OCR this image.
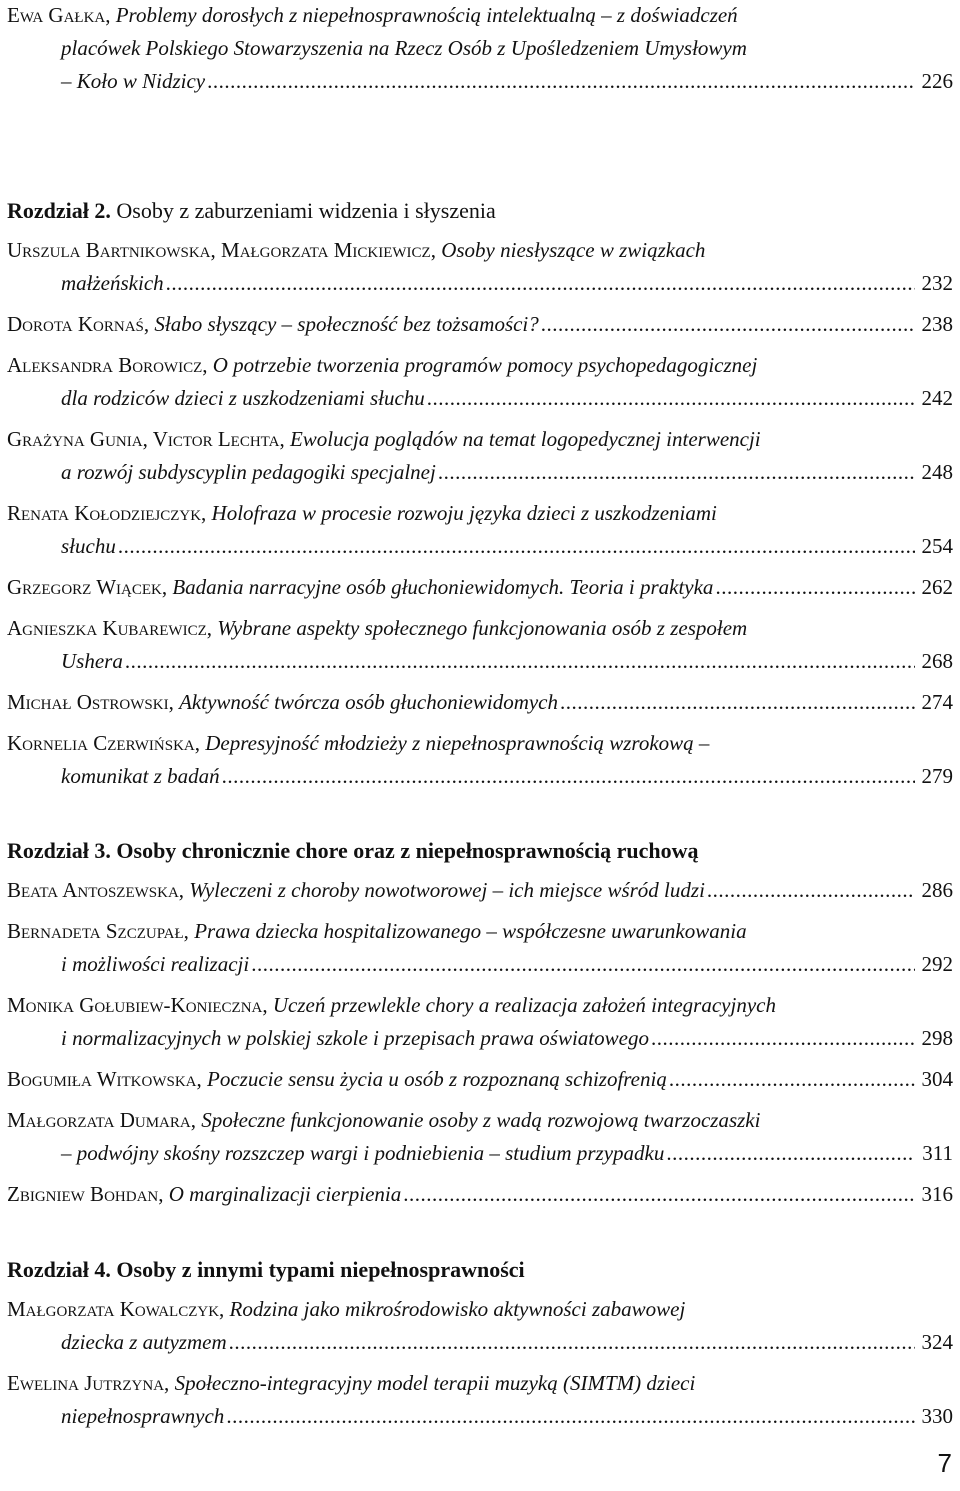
Ewa Gałka,
Problemy dorosłych z niepełnosprawnością intelektualną – z doświadczeń
placówek Polskiego Stowarzyszenia na Rzecz Osób z Upośledzeniem Umysłowym
– Koło w Nidzicy .....	226
Rozdział 2. Osoby z zaburzeniami widzenia i słyszenia
Urszula Bartnikowska, Małgorzata Mickiewicz,
Osoby niesłyszące w związkach
małżeńskich .....	232
Dorota Kornaś,
Słabo słyszący – społeczność bez tożsamości? .....	238
Aleksandra Borowicz,
O potrzebie tworzenia programów pomocy psychopedagogicznej
dla rodziców dzieci z uszkodzeniami słuchu .....	242
Grażyna Gunia, Victor Lechta,
Ewolucja poglądów na temat logopedycznej interwencji
a rozwój subdyscyplin pedagogiki specjalnej .....	248
Renata Kołodziejczyk,
Holofraza w procesie rozwoju języka dzieci z uszkodzeniami
słuchu .....	254
Grzegorz Wiącek,
Badania narracyjne osób głuchoniewidomych. Teoria i praktyka .....	262
Agnieszka Kubarewicz,
Wybrane aspekty społecznego funkcjonowania osób z zespołem
Ushera .....	268
Michał Ostrowski,
Aktywność twórcza osób głuchoniewidomych .....	274
Kornelia Czerwińska,
Depresyjność młodzieży z niepełnosprawnością wzrokową –
komunikat z badań .....	279
Rozdział 3. Osoby chronicznie chore oraz z niepełnosprawnością ruchową
Beata Antoszewska,
Wyleczeni z choroby nowotworowej – ich miejsce wśród ludzi .....	286
Bernadeta Szczupał,
Prawa dziecka hospitalizowanego – współczesne uwarunkowania
i możliwości realizacji .....	292
Monika Gołubiew-Konieczna,
Uczeń przewlekle chory a realizacja założeń integracyjnych
i normalizacyjnych w polskiej szkole i przepisach prawa oświatowego .....	298
Bogumiła Witkowska,
Poczucie sensu życia u osób z rozpoznaną schizofrenią .....	304
Małgorzata Dumara,
Społeczne funkcjonowanie osoby z wadą rozwojową twarzoczaszki
– podwójny skośny rozszczep wargi i podniebienia – studium przypadku .....	311
Zbigniew Bohdan,
O marginalizacji cierpienia .....	316
Rozdział 4. Osoby z innymi typami niepełnosprawności
Małgorzata Kowalczyk,
Rodzina jako mikrośrodowisko aktywności zabawowej
dziecka z autyzmem .....	324
Ewelina Jutrzyna,
Społeczno-integracyjny model terapii muzyką (SIMTM) dzieci
niepełnosprawnych .....	330
7
